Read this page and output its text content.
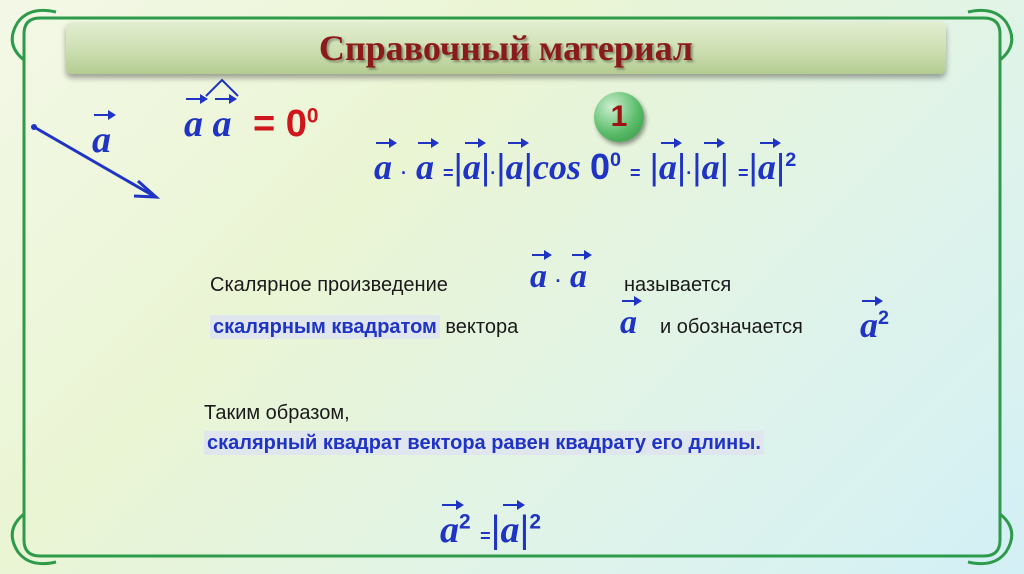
Справочный материал
a a $a = 0^0$	1
a · a =|a|·|a|cos $0^0 = |a|\cdot|a| =|a|^2$
Скалярное произведение a · a называется
скалярным квадратом вектора	a и обозначается $a^2$
Таким образом,
скалярный квадрат вектора равен квадрату его длины.
$a^2 =|a|^2$
